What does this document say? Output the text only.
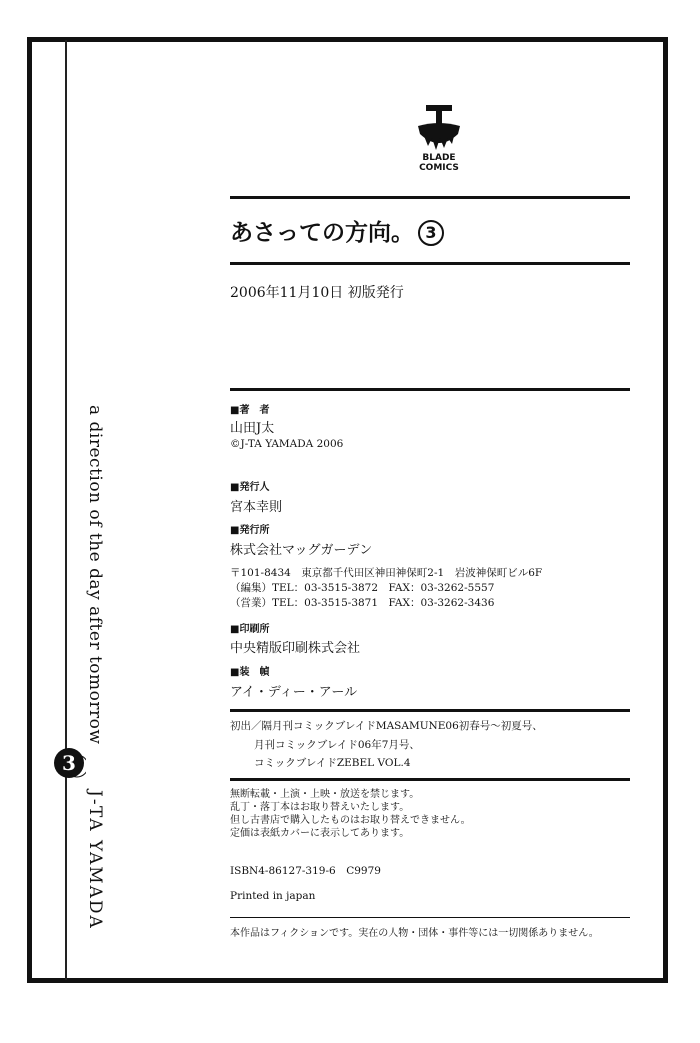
a direction of the day after tomorrow
3
J-TA YAMADA
BLADE
COMICS
あさっての方向。 3
2006年11月10日 初版発行
■著　者
山田J太
©J-TA YAMADA 2006
■発行人
宮本幸則
■発行所
株式会社マッグガーデン
〒101-8434　東京都千代田区神田神保町2-1　岩波神保町ビル6F
（編集）TEL：03-3515-3872　FAX：03-3262-5557
（営業）TEL：03-3515-3871　FAX：03-3262-3436
■印刷所
中央精版印刷株式会社
■装　幀
アイ・ディー・アール
初出／隔月刊コミックブレイドMASAMUNE06初春号～初夏号、
月刊コミックブレイド06年7月号、
コミックブレイドZEBEL VOL.4
無断転載・上演・上映・放送を禁じます。
乱丁・落丁本はお取り替えいたします。
但し古書店で購入したものはお取り替えできません。
定価は表紙カバーに表示してあります。
ISBN4-86127-319-6　C9979
Printed in japan
本作品はフィクションです。実在の人物・団体・事件等には一切関係ありません。
